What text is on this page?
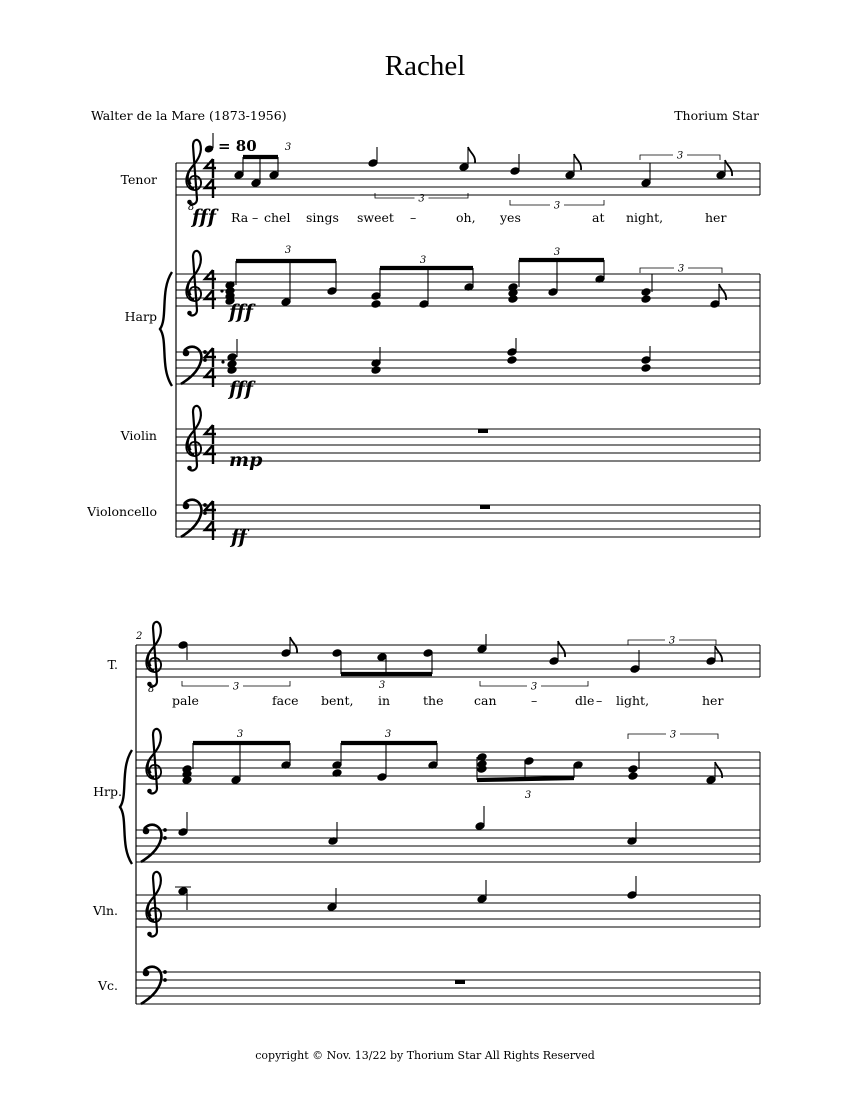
Rachel
Walter de la Mare (1873-1956)	Thorium Star
8
3
3
3
3
3
3
3
3
8	3	3	3
3
3	3
3
3
= 80
Tenor
Harp
Violin
Violoncello
T.
Hrp.
Vln.
Vc.
fff
fff
fff
mp
ff
2
Ra – chel sings sweet –	oh, yes	at night,	her
pale	face bent, in	the can	–	dle – light,	her
copyright © Nov. 13/22 by Thorium Star All Rights Reserved
